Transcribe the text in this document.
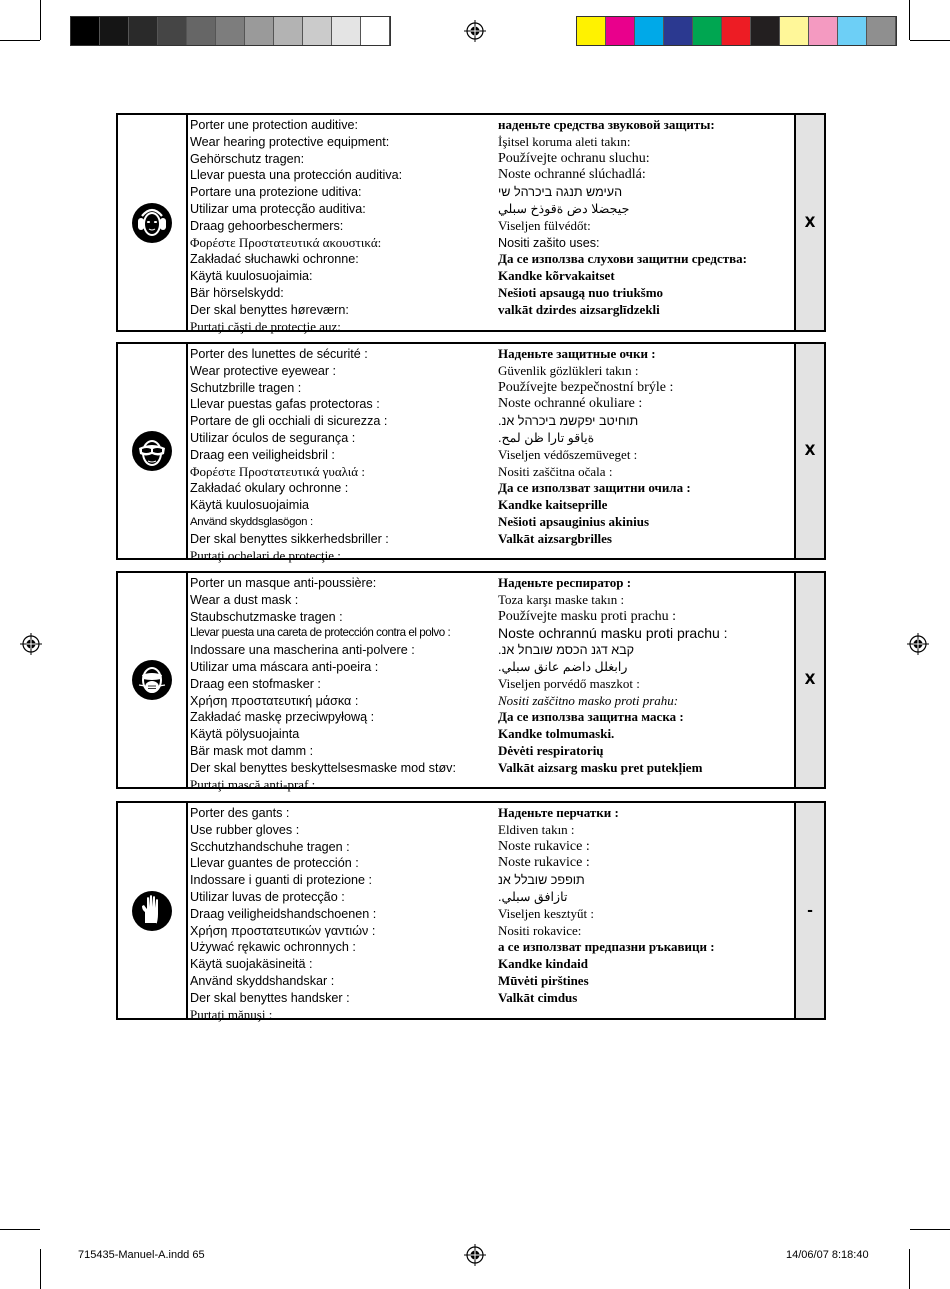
Porter une protection auditive:
Wear hearing protective equipment:
Gehörschutz tragen:
Llevar puesta una protección auditiva:
Portare una protezione uditiva:
Utilizar uma protecção auditiva:
Draag gehoorbeschermers:
Φορέστε Προστατευτικά ακουστικά:
Zakładać słuchawki ochronne:
Käytä kuulosuojaimia:
Bär hörselskydd:
Der skal benyttes høreværn:
Purtaţi căşti de protecţie auz:
наденьте средства звуковой защиты:
İşitsel koruma aleti takın:
Používejte ochranu sluchu:
Noste ochranné slúchadlá:
העימש תנגה ביכרהל שי
جيجضلا دض ةقوذخ سبلي
Viseljen fülvédőt:
Nositi zašito uses:
Да се използва слухови защитни средства:
Kandke kõrvakaitset
Nešioti apsaugą nuo triukšmo
valkāt dzirdes aizsarglīdzekli
X
Porter des lunettes de sécurité :
Wear protective eyewear :
Schutzbrille tragen :
Llevar puestas gafas protectoras :
Portare de gli occhiali di sicurezza :
Utilizar óculos de segurança :
Draag een veiligheidsbril :
Φορέστε Προστατευτικά γυαλιά :
Zakładać okulary ochronne :
Käytä kuulosuojaimia
Använd skyddsglasögon :
Der skal benyttes sikkerhedsbriller :
Purtaţi ochelari de protecţie :
Наденьте защитные очки :
Güvenlik gözlükleri takın :
Používejte bezpečnostní brýle :
Noste ochranné okuliare :
תוחיטב יפקשמ ביכרהל אנ.
ةياقو تارا ظن لمح.
Viseljen védőszemüveget :
Nositi zaščitna očala :
Да се използват защитни очила :
Kandke kaitseprille
Nešioti apsauginius akinius
Valkāt aizsargbrilles
X
Porter un masque anti-poussière:
Wear a dust mask :
Staubschutzmaske tragen :
Llevar puesta una careta de protección contra el polvo :
Indossare una mascherina anti-polvere :
Utilizar uma máscara anti-poeira :
Draag een stofmasker :
Χρήση προστατευτική μάσκα :
Zakładać maskę przeciwpyłową :
Käytä pölysuojainta
Bär mask mot damm :
Der skal benyttes beskyttelsesmaske mod støv:
Purtaţi mască anti-praf :
Наденьте респиратор :
Toza karşı maske takın :
Používejte masku proti prachu :
Noste ochrannú masku proti prachu :
קבא דגנ הכסמ שובחל אנ.
رابغلل داضم عانق سبلي.
Viseljen porvédő maszkot :
Nositi zaščitno masko proti prahu:
Да се използва защитна маска :
Kandke tolmumaski.
Dėvėti respiratorių
Valkāt aizsarg masku pret putekļiem
X
Porter des gants :
Use rubber gloves :
Scchutzhandschuhe tragen :
Llevar guantes de protección :
Indossare i guanti di protezione :
Utilizar luvas de protecção :
Draag veiligheidshandschoenen :
Χρήση προστατευτικών γαντιών :
Używać rękawic ochronnych :
Käytä suojakäsineitä :
Använd skyddshandskar :
Der skal benyttes handsker :
Purtaţi mănuşi :
Наденьте перчатки :
Eldiven takın :
Noste rukavice :
Noste rukavice :
תופפכ שובלל אנ
تازافق سبلي.
Viseljen kesztyűt :
Nositi rokavice:
а се използват предпазни ръкавици :
Kandke kindaid
Mūvėti pirštines
Valkāt cimdus
-
715435-Manuel-A.indd 65	14/06/07 8:18:40
